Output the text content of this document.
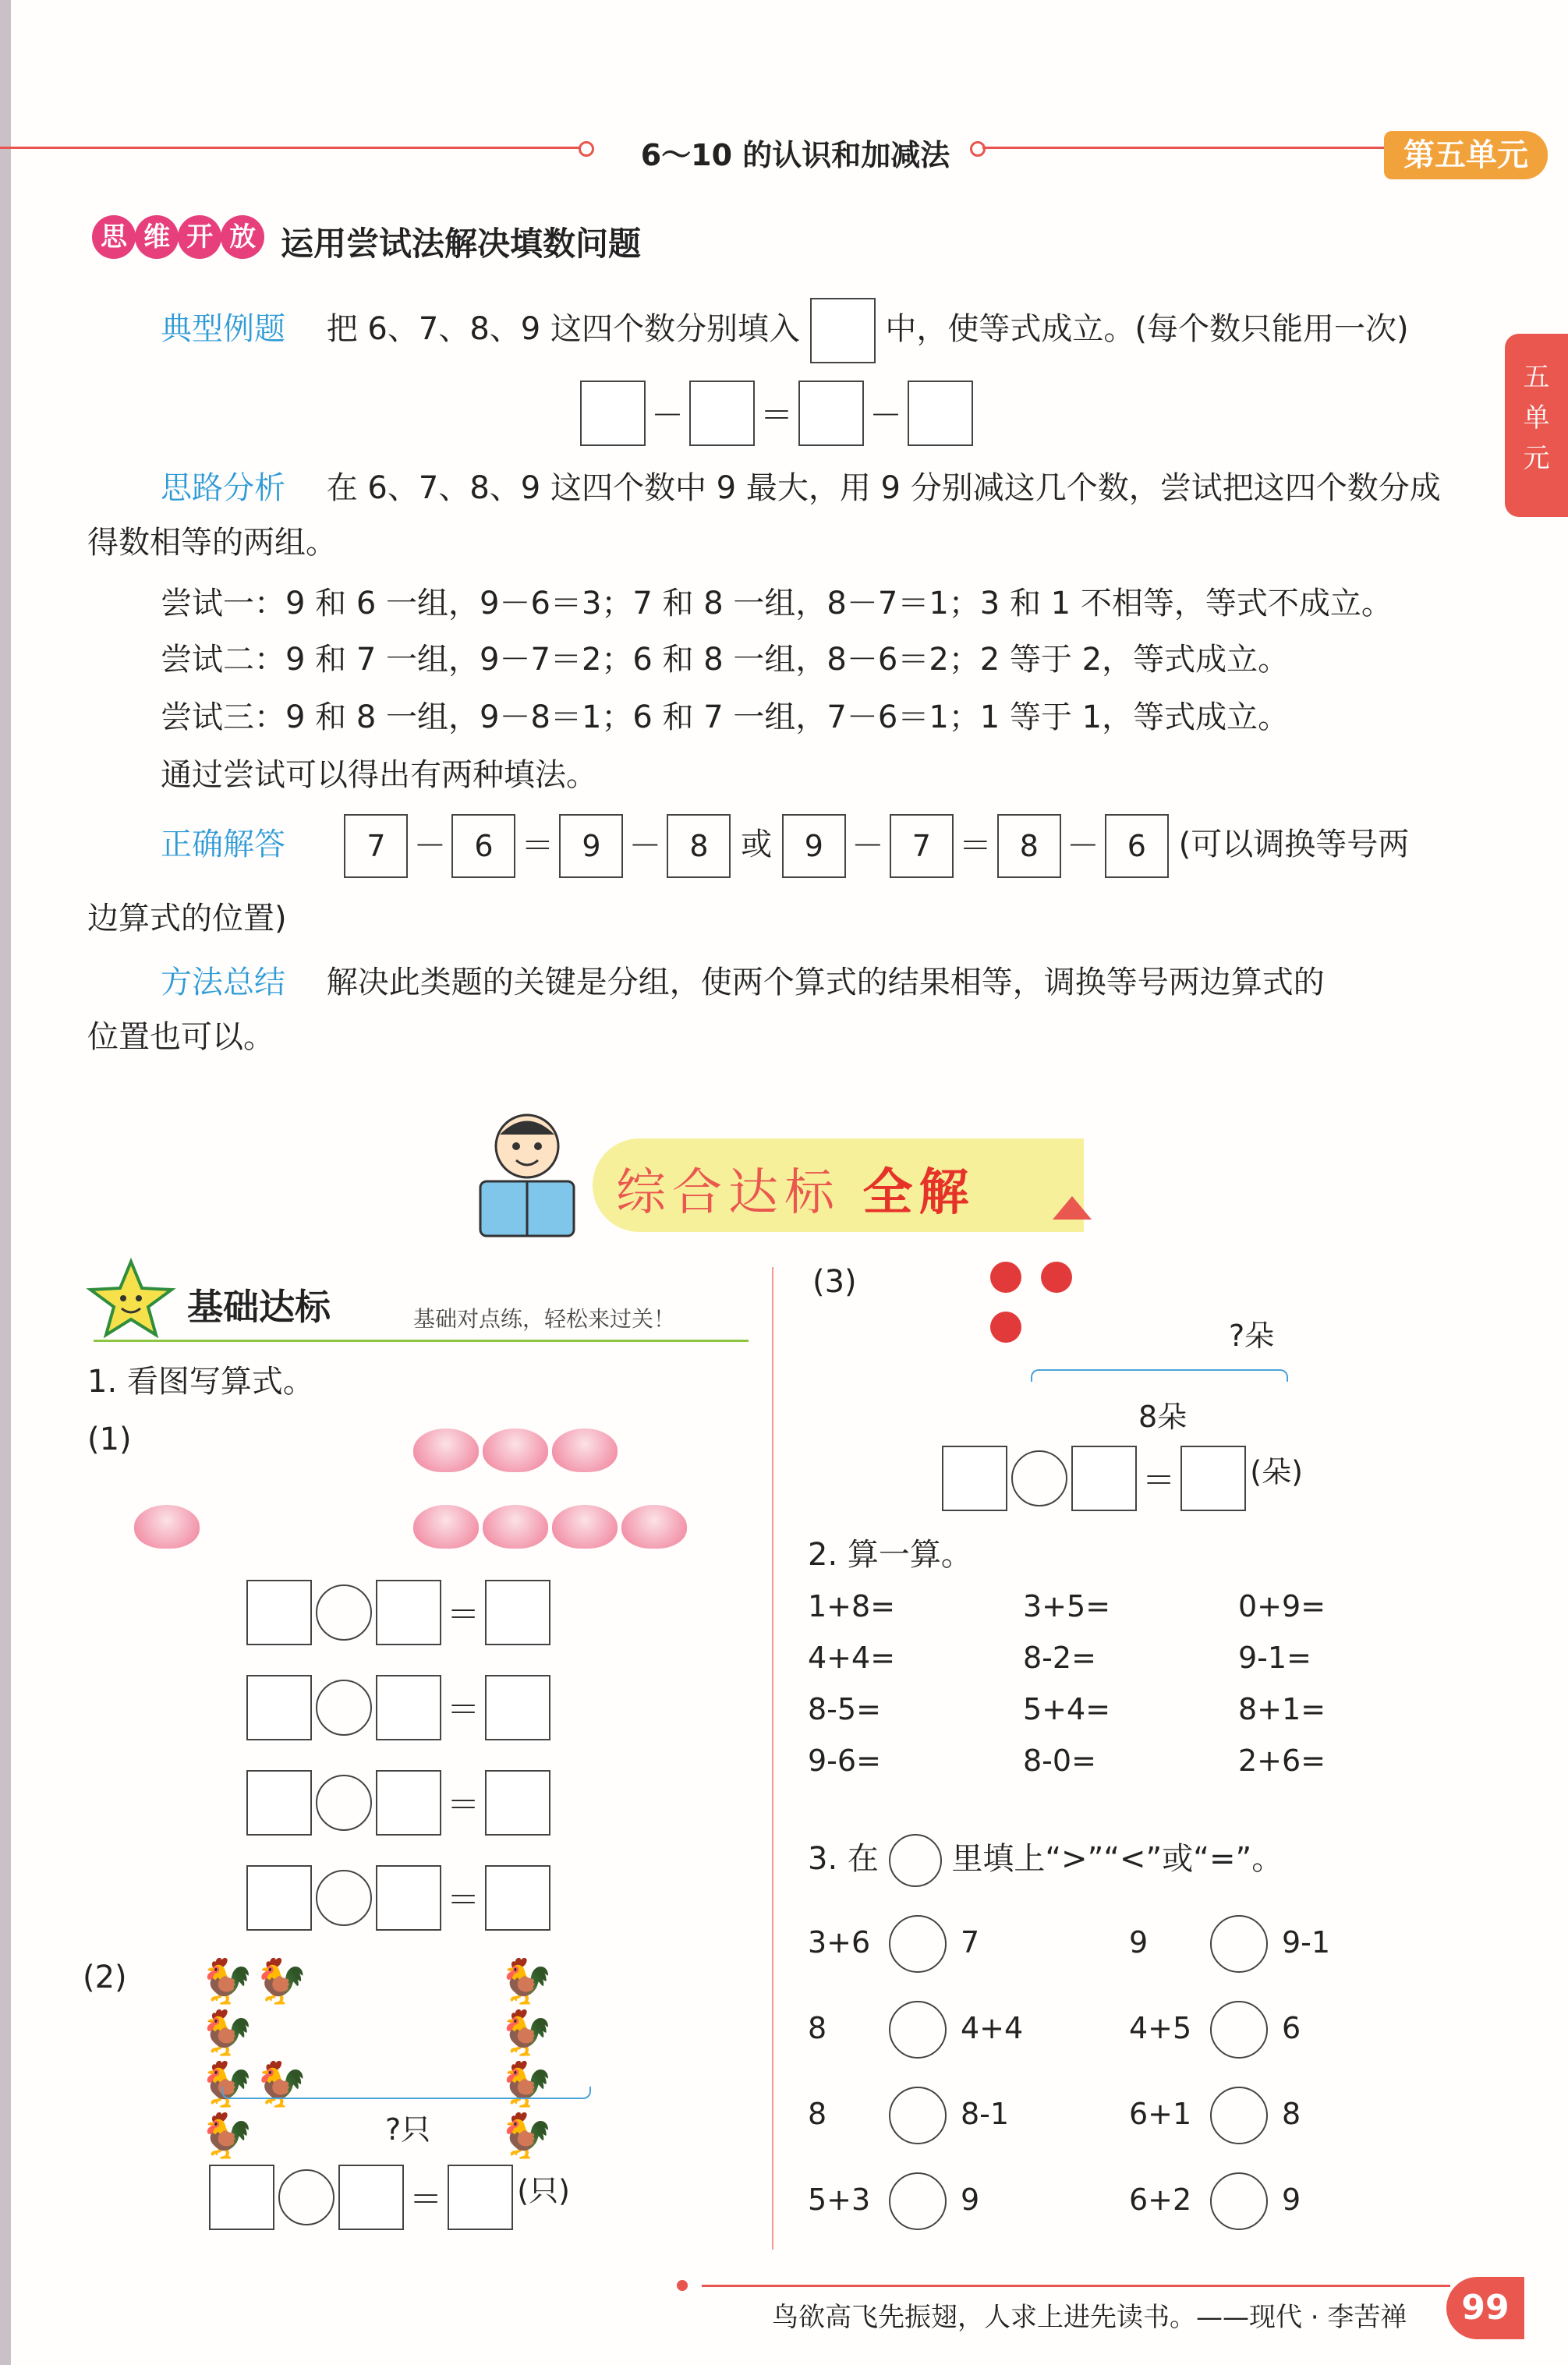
6～10 的认识和加减法	第五单元
五
单
元
思 维 开 放 运用尝试法解决填数问题
典型例题 把 6、7、8、9 这四个数分别填入	中，使等式成立。(每个数只能用一次)
－ ＝ －
思路分析 在 6、7、8、9 这四个数中 9 最大，用 9 分别减这几个数，尝试把这四个数分成
得数相等的两组。
尝试一：9 和 6 一组，9－6＝3；7 和 8 一组，8－7＝1；3 和 1 不相等，等式不成立。
尝试二：9 和 7 一组，9－7＝2；6 和 8 一组，8－6＝2；2 等于 2，等式成立。
尝试三：9 和 8 一组，9－8＝1；6 和 7 一组，7－6＝1；1 等于 1，等式成立。
通过尝试可以得出有两种填法。
正确解答	7 － 6 ＝ 9 － 8 或 9 － 7 ＝ 8 － 6 (可以调换等号两
边算式的位置)
方法总结 解决此类题的关键是分组，使两个算式的结果相等，调换等号两边算式的
位置也可以。
综合达标 全解
基础达标	基础对点练，轻松来过关！
1. 看图写算式。
(1)

＝
＝
＝
＝
(2) 🐓🐓🐓
🐓🐓🐓
🐓🐓
🐓🐓
?只
＝	(只)
(3)

?朵
8朵
＝	(朵)
2. 算一算。
1+8=	3+5=	0+9=
4+4=	8-2=	9-1=
8-5=	5+4=	8+1=
9-6=	8-0=	2+6=
3. 在 里填上“>”“<”或“=”。
3+6	7	9	9-1
8	4+4	4+5	6
8	8-1	6+1	8
5+3	9	6+2	9
鸟欲高飞先振翅，人求上进先读书。——现代 · 李苦禅	99
